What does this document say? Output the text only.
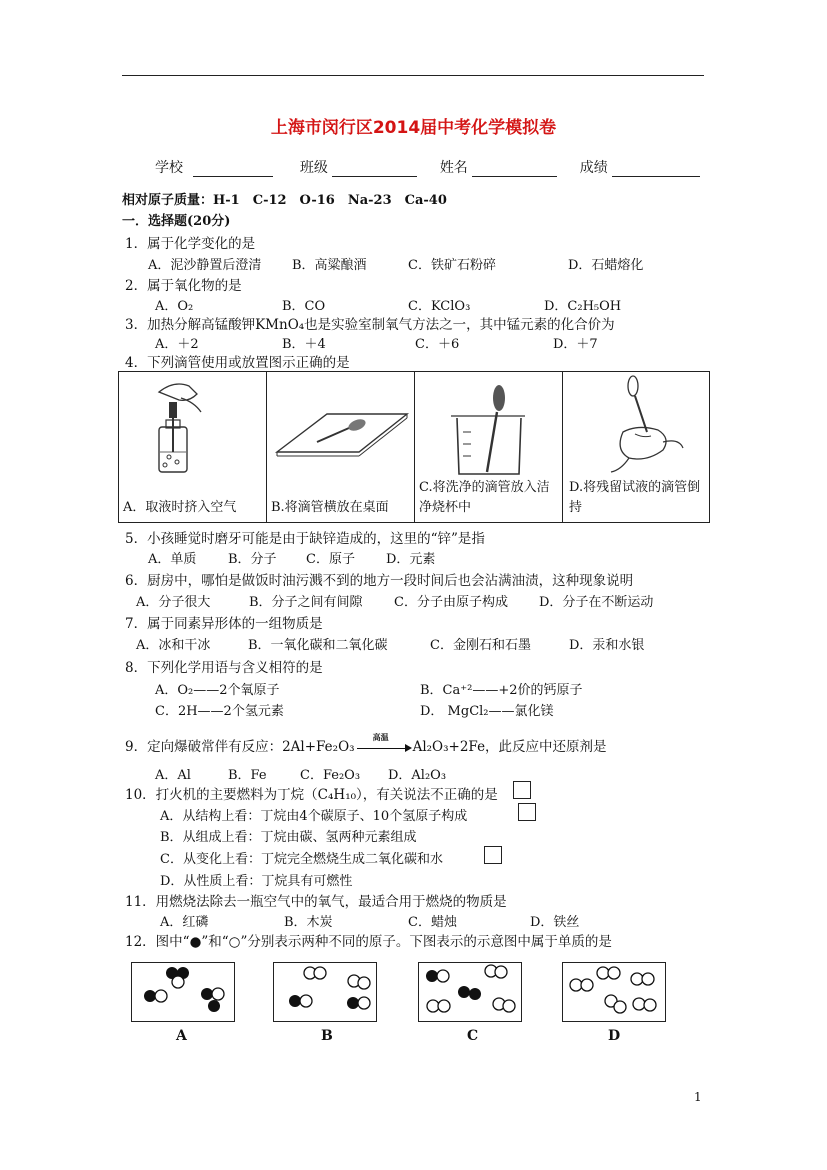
上海市闵行区2014届中考化学模拟卷
学校	班级	姓名	成绩
相对原子质量：H-1　C-12　O-16　Na-23　Ca-40
一．选择题(20分)
1．属于化学变化的是
A．泥沙静置后澄清 B．高粱酿酒	C．铁矿石粉碎	D．石蜡熔化
2．属于氧化物的是
A．O₂	B．CO	C．KClO₃	D．C₂H₅OH
3．加热分解高锰酸钾KMnO₄也是实验室制氧气方法之一，其中锰元素的化合价为
A．＋2	B．＋4	C．＋6	D．＋7
4．下列滴管使用或放置图示正确的是
A．取液时挤入空气	B.将滴管横放在桌面
C.将洗净的滴管放入洁净烧杯中
D.将残留试液的滴管倒持
5．小孩睡觉时磨牙可能是由于缺锌造成的，这里的“锌”是指
A．单质 B．分子 C．原子 D．元素
6．厨房中，哪怕是做饭时油污溅不到的地方一段时间后也会沾满油渍，这种现象说明
A．分子很大	B．分子之间有间隙 C．分子由原子构成 D．分子在不断运动
7．属于同素异形体的一组物质是
A．冰和干冰	B．一氧化碳和二氧化碳	C．金刚石和石墨	D．汞和水银
8．下列化学用语与含义相符的是
A．O₂——2个氧原子	B．Ca⁺²——+2价的钙原子
C．2H——2个氢元素	D． MgCl₂——氯化镁
9．定向爆破常伴有反应：2Al+Fe₂O₃
高温
Al₂O₃+2Fe，此反应中还原剂是
A．Al	B．Fe	C．Fe₂O₃ D．Al₂O₃
10．打火机的主要燃料为丁烷（C₄H₁₀），有关说法不正确的是
A．从结构上看：丁烷由4个碳原子、10个氢原子构成
B．从组成上看：丁烷由碳、氢两种元素组成
C．从变化上看：丁烷完全燃烧生成二氧化碳和水
D．从性质上看：丁烷具有可燃性
11．用燃烧法除去一瓶空气中的氧气，最适合用于燃烧的物质是
A．红磷	B．木炭	C．蜡烛	D．铁丝
12．图中“●”和“○”分别表示两种不同的原子。下图表示的示意图中属于单质的是
A	B	C	D
1
